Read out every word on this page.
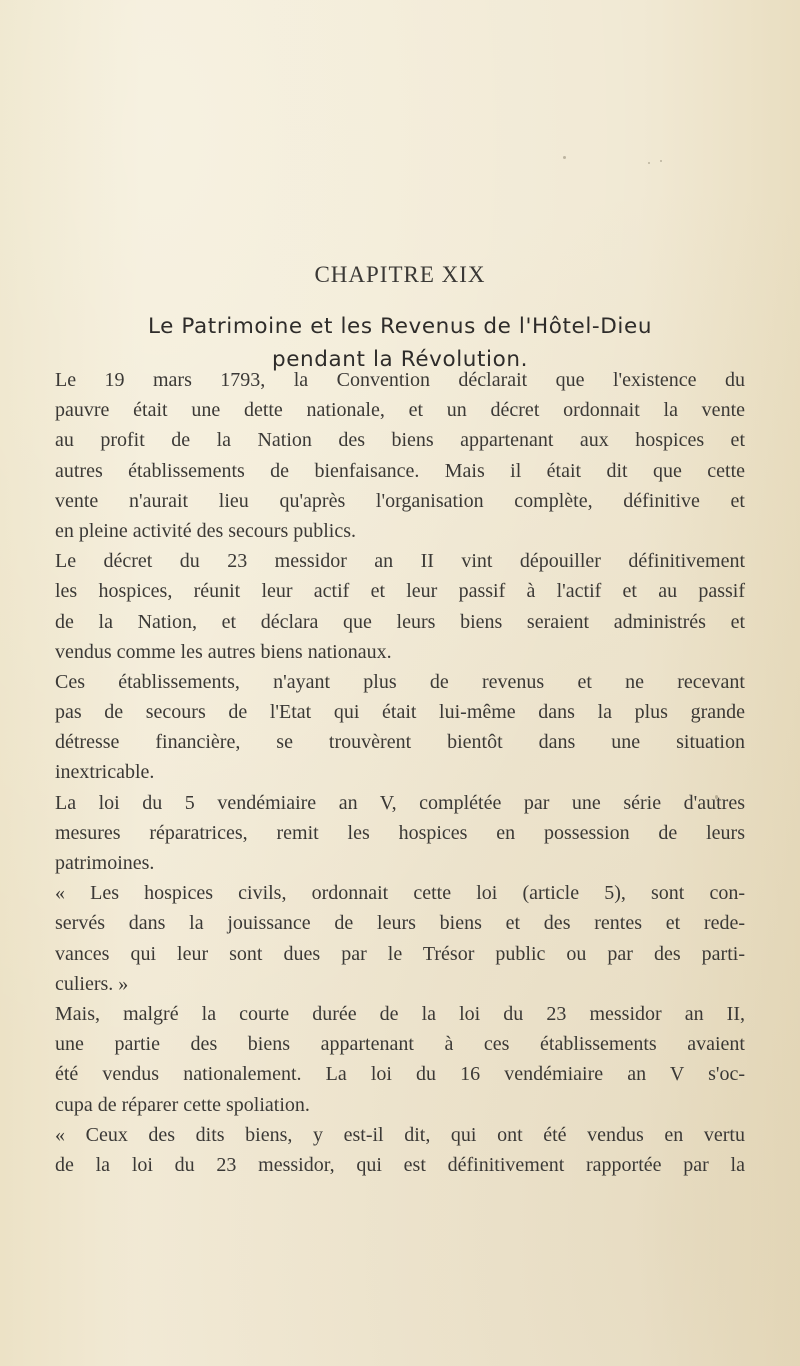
CHAPITRE XIX
Le Patrimoine et les Revenus de l'Hôtel-Dieu
pendant la Révolution.
Le 19 mars 1793, la Convention déclarait que l'existence du
pauvre était une dette nationale, et un décret ordonnait la vente
au profit de la Nation des biens appartenant aux hospices et
autres établissements de bienfaisance. Mais il était dit que cette
vente n'aurait lieu qu'après l'organisation complète, définitive et
en pleine activité des secours publics.
Le décret du 23 messidor an II vint dépouiller définitivement
les hospices, réunit leur actif et leur passif à l'actif et au passif
de la Nation, et déclara que leurs biens seraient administrés et
vendus comme les autres biens nationaux.
Ces établissements, n'ayant plus de revenus et ne recevant
pas de secours de l'Etat qui était lui-même dans la plus grande
détresse financière, se trouvèrent bientôt dans une situation
inextricable.
La loi du 5 vendémiaire an V, complétée par une série d'autres
mesures réparatrices, remit les hospices en possession de leurs
patrimoines.
« Les hospices civils, ordonnait cette loi (article 5), sont con-
servés dans la jouissance de leurs biens et des rentes et rede-
vances qui leur sont dues par le Trésor public ou par des parti-
culiers. »
Mais, malgré la courte durée de la loi du 23 messidor an II,
une partie des biens appartenant à ces établissements avaient
été vendus nationalement. La loi du 16 vendémiaire an V s'oc-
cupa de réparer cette spoliation.
« Ceux des dits biens, y est-il dit, qui ont été vendus en vertu
de la loi du 23 messidor, qui est définitivement rapportée par la
